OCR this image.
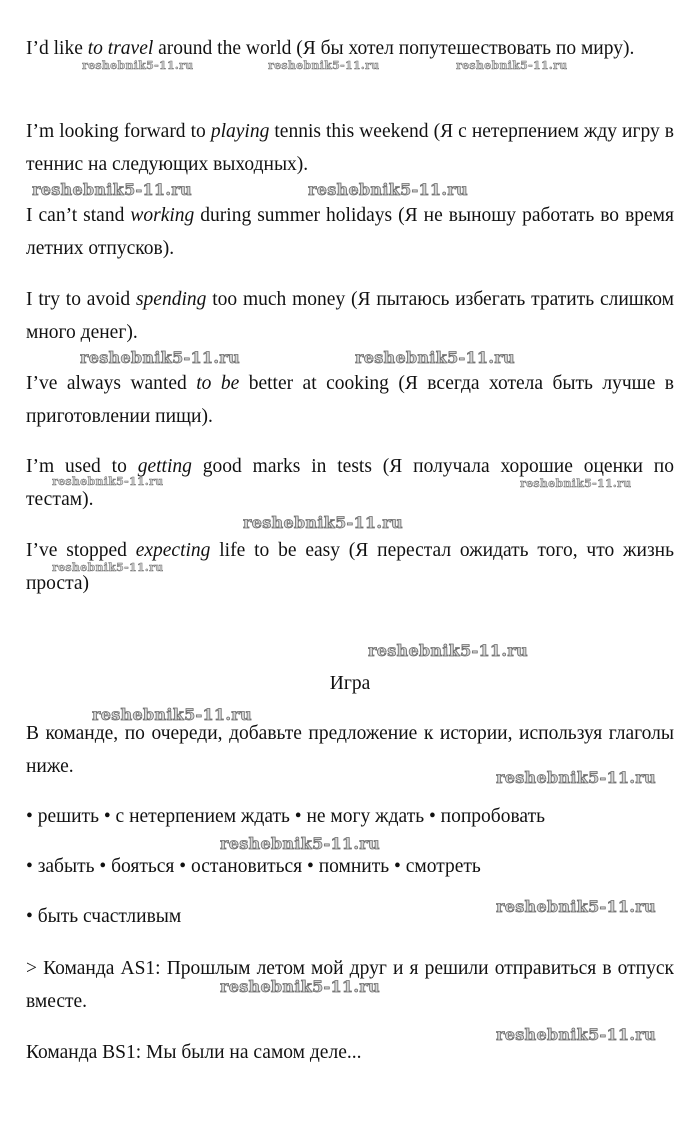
I’d like to travel around the world (Я бы хотел попутешествовать по миру).

I’m looking forward to playing tennis this weekend (Я с нетерпением жду игру в теннис на следующих выходных).

I can’t stand working during summer holidays (Я не выношу работать во время летних отпусков).

I try to avoid spending too much money (Я пытаюсь избегать тратить слишком много денег).

I’ve always wanted to be better at cooking (Я всегда хотела быть лучше в приготовлении пищи).

I’m used to getting good marks in tests (Я получала хорошие оценки по тестам).

I’ve stopped expecting life to be easy (Я перестал ожидать того, что жизнь проста)

Игра

В команде, по очереди, добавьте предложение к истории, используя глаголы ниже.

• решить • с нетерпением ждать • не могу ждать • попробовать

• забыть • бояться • остановиться • помнить • смотреть

• быть счастливым

> Команда AS1: Прошлым летом мой друг и я решили отправиться в отпуск вместе.

Команда BS1: Мы были на самом деле...

reshebnik5-11.ru	reshebnik5-11.ru	reshebnik5-11.ru
reshebnik5-11.ru	reshebnik5-11.ru
reshebnik5-11.ru	reshebnik5-11.ru
reshebnik5-11.ru	reshebnik5-11.ru
reshebnik5-11.ru
reshebnik5-11.ru
reshebnik5-11.ru
reshebnik5-11.ru
reshebnik5-11.ru
reshebnik5-11.ru
reshebnik5-11.ru
reshebnik5-11.ru
reshebnik5-11.ru
